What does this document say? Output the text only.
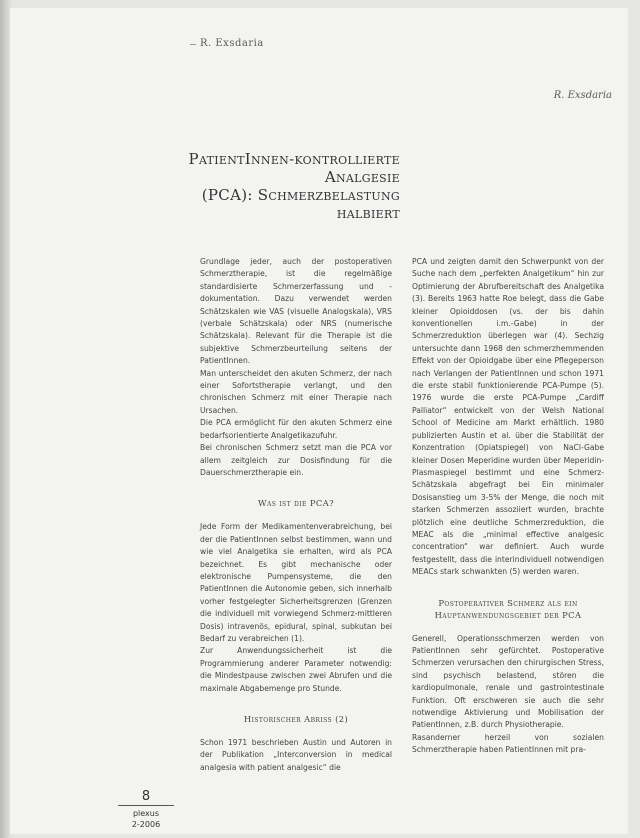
R. Exsdaria
R. Exsdaria
PatientInnen-kontrollierte Analgesie
(PCA): Schmerzbelastung halbiert

Grundlage jeder, auch der postoperativen Schmerztherapie, ist die regelmäßige standardisierte Schmerzerfassung und -dokumentation. Dazu verwendet werden Schätzskalen wie VAS (visuelle Analogskala), VRS (verbale Schätzskala) oder NRS (numerische Schätzskala). Relevant für die Therapie ist die subjektive Schmerzbeurteilung seitens der PatientInnen.

Man unterscheidet den akuten Schmerz, der nach einer Sofortstherapie verlangt, und den chronischen Schmerz mit einer Therapie nach Ursachen.

Die PCA ermöglicht für den akuten Schmerz eine bedarfsorientierte Analgetikazufuhr.

Bei chronischen Schmerz setzt man die PCA vor allem zeitgleich zur Dosisfindung für die Dauerschmerztherapie ein.

Was ist die PCA?

Jede Form der Medikamentenverabreichung, bei der die PatientInnen selbst bestimmen, wann und wie viel Analgetika sie erhalten, wird als PCA bezeichnet. Es gibt mechanische oder elektronische Pumpensysteme, die den PatientInnen die Autonomie geben, sich innerhalb vorher festgelegter Sicherheitsgrenzen (Grenzen die individuell mit vorwiegend Schmerz-mittleren Dosis) intravenös, epidural, spinal, subkutan bei Bedarf zu verabreichen (1).

Zur Anwendungssicherheit ist die Programmierung anderer Parameter notwendig: die Mindestpause zwischen zwei Abrufen und die maximale Abgabemenge pro Stunde.

Historischer Abriss (2)

Schon 1971 beschrieben Austin und Autoren in der Publikation „Interconversion in medical analgesia with patient analgesic“ die

PCA und zeigten damit den Schwerpunkt von der Suche nach dem „perfekten Analgetikum“ hin zur Optimierung der Abrufbereitschaft des Analgetika (3). Bereits 1963 hatte Roe belegt, dass die Gabe kleiner Opioiddosen (vs. der bis dahin konventionellen i.m.-Gabe) in der Schmerzreduktion überlegen war (4). Sechzig untersuchte dann 1968 den schmerzhemmenden Effekt von der Opioidgabe über eine Pflegeperson nach Verlangen der PatientInnen und schon 1971 die erste stabil funktionierende PCA-Pumpe (5). 1976 wurde die erste PCA-Pumpe „Cardiff Palliator“ entwickelt von der Welsh National School of Medicine am Markt erhältlich. 1980 publizierten Austin et al. über die Stabilität der Konzentration (Opiatspiegel) von NaCl-Gabe kleiner Dosen Meperidine wurden über Meperidin-Plasmaspiegel bestimmt und eine Schmerz-Schätzskala abgefragt bei Ein minimaler Dosisanstieg um 3-5% der Menge, die noch mit starken Schmerzen assoziiert wurden, brachte plötzlich eine deutliche Schmerzreduktion, die MEAC als die „minimal effective analgesic concentration“ war definiert. Auch wurde festgestellt, dass die interindividuell notwendigen MEACs stark schwankten (5) werden waren.

Postoperativer Schmerz als ein Hauptanwendungsgebiet der PCA

Generell, Operationsschmerzen werden von PatientInnen sehr gefürchtet. Postoperative Schmerzen verursachen den chirurgischen Stress, sind psychisch belastend, stören die kardiopulmonale, renale und gastrointestinale Funktion. Oft erschweren sie auch die sehr notwendige Aktivierung und Mobilisation der PatientInnen, z.B. durch Physiotherapie.

Rasanderner herzeil von sozialen Schmerztherapie haben PatientInnen mit pra-

8
plexus
2-2006
